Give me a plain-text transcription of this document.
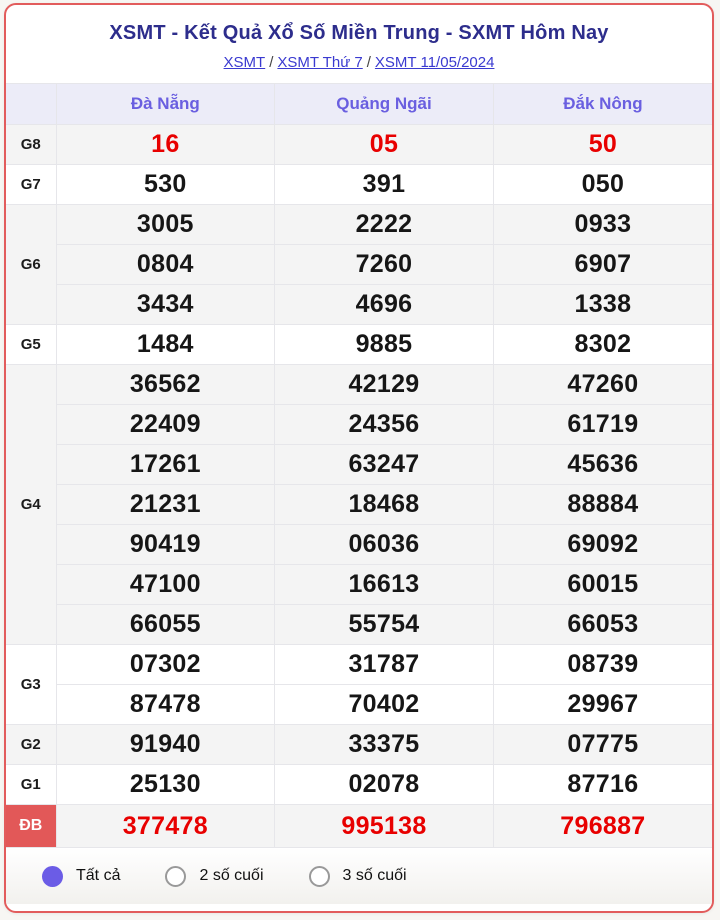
XSMT - Kết Quả Xổ Số Miền Trung - SXMT Hôm Nay
XSMT / XSMT Thứ 7 / XSMT 11/05/2024
	Đà Nẵng	Quảng Ngãi	Đắk Nông
G8	16	05	50
G7	530	391	050
G6	3005	2222	0933
	0804	7260	6907
	3434	4696	1338
G5	1484	9885	8302
G4	36562	42129	47260
	22409	24356	61719
	17261	63247	45636
	21231	18468	88884
	90419	06036	69092
	47100	16613	60015
	66055	55754	66053
G3	07302	31787	08739
	87478	70402	29967
G2	91940	33375	07775
G1	25130	02078	87716
ĐB	377478	995138	796887
Tất cả	2 số cuối	3 số cuối
